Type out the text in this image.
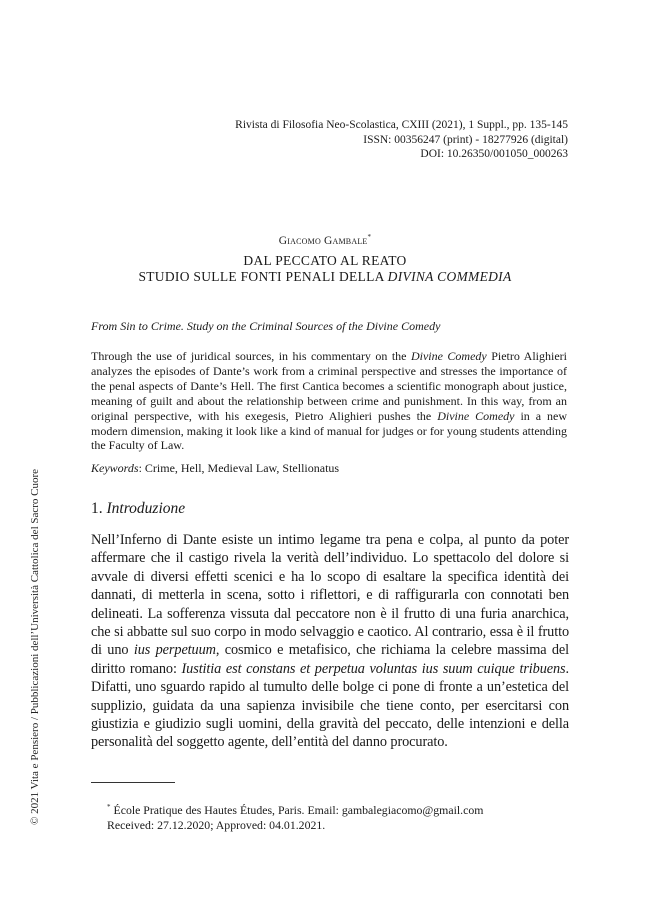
Rivista di Filosofia Neo-Scolastica, CXIII (2021), 1 Suppl., pp. 135-145
ISSN: 00356247 (print) - 18277926 (digital)
DOI: 10.26350/001050_000263
Giacomo Gambale*
DAL PECCATO AL REATO
STUDIO SULLE FONTI PENALI DELLA DIVINA COMMEDIA
From Sin to Crime. Study on the Criminal Sources of the Divine Comedy
Through the use of juridical sources, in his commentary on the Divine Comedy Pietro Alighieri analyzes the episodes of Dante’s work from a criminal perspective and stresses the importance of the penal aspects of Dante’s Hell. The first Cantica becomes a scientific monograph about justice, meaning of guilt and about the relationship between crime and punishment. In this way, from an original perspective, with his exegesis, Pietro Alighieri pushes the Divine Comedy in a new modern dimension, making it look like a kind of manual for judges or for young students attending the Faculty of Law.
Keywords: Crime, Hell, Medieval Law, Stellionatus
1. Introduzione
Nell’Inferno di Dante esiste un intimo legame tra pena e colpa, al punto da poter affermare che il castigo rivela la verità dell’individuo. Lo spettacolo del dolore si avvale di diversi effetti scenici e ha lo scopo di esaltare la specifica identità dei dannati, di metterla in scena, sotto i riflettori, e di raffigurarla con connotati ben delineati. La sofferenza vissuta dal peccatore non è il frutto di una furia anarchica, che si abbatte sul suo corpo in modo selvaggio e caotico. Al contrario, essa è il frutto di uno ius perpetuum, cosmico e metafisico, che richiama la celebre massima del diritto romano: Iustitia est constans et perpetua voluntas ius suum cuique tribuens. Difatti, uno sguardo rapido al tumulto delle bolge ci pone di fronte a un’estetica del supplizio, guidata da una sapienza invisibile che tiene conto, per esercitarsi con giustizia e giudizio sugli uomini, della gravità del peccato, delle intenzioni e della personalità del soggetto agente, dell’entità del danno procurato.
* École Pratique des Hautes Études, Paris. Email: gambalegiacomo@gmail.com
Received: 27.12.2020; Approved: 04.01.2021.
© 2021 Vita e Pensiero / Pubblicazioni dell’Università Cattolica del Sacro Cuore
